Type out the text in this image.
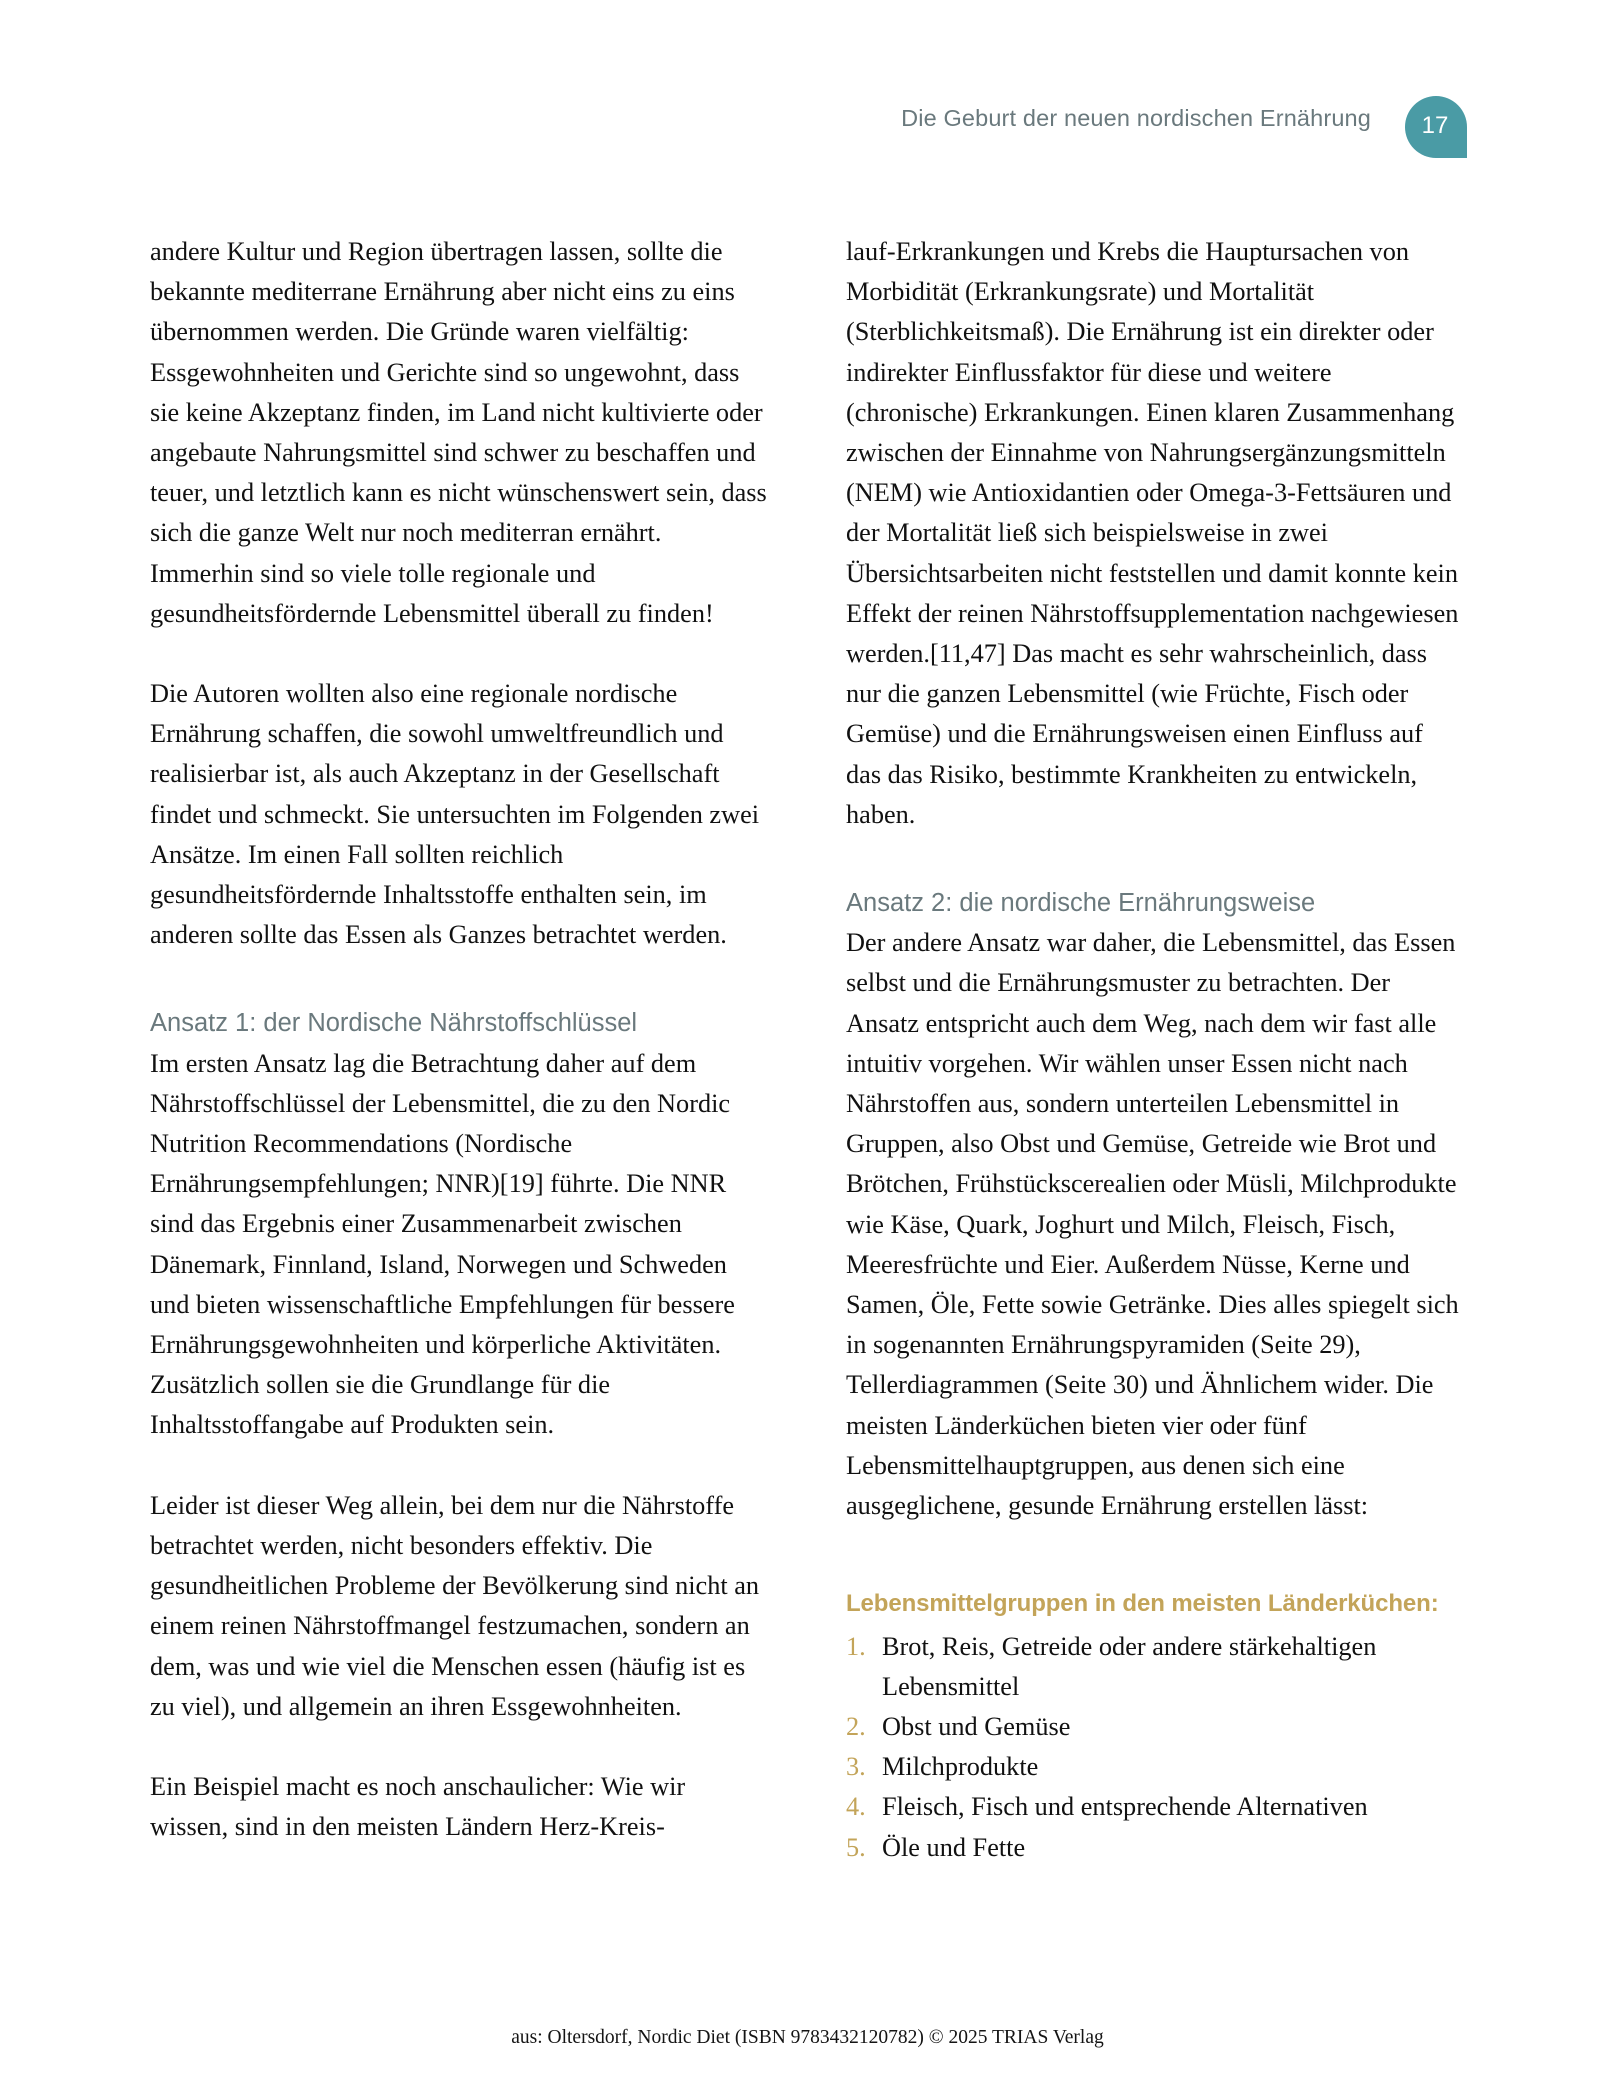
Die Geburt der neuen nordischen Ernährung 17

andere Kultur und Region übertragen lassen, sollte die bekannte mediterrane Ernährung aber nicht eins zu eins übernommen werden. Die Gründe waren vielfältig: Essgewohnheiten und Gerichte sind so ungewohnt, dass sie keine Akzeptanz finden, im Land nicht kultivierte oder angebaute Nahrungsmittel sind schwer zu beschaffen und teuer, und letztlich kann es nicht wünschenswert sein, dass sich die ganze Welt nur noch mediterran ernährt. Immerhin sind so viele tolle regionale und gesundheitsfördernde Lebensmittel überall zu finden!

Die Autoren wollten also eine regionale nordische Ernährung schaffen, die sowohl umweltfreundlich und realisierbar ist, als auch Akzeptanz in der Gesellschaft findet und schmeckt. Sie untersuchten im Folgenden zwei Ansätze. Im einen Fall sollten reichlich gesundheitsfördernde Inhaltsstoffe enthalten sein, im anderen sollte das Essen als Ganzes betrachtet werden.

Ansatz 1: der Nordische Nährstoffschlüssel

Im ersten Ansatz lag die Betrachtung daher auf dem Nährstoffschlüssel der Lebensmittel, die zu den Nordic Nutrition Recommendations (Nordische Ernährungsempfehlungen; NNR)[19] führte. Die NNR sind das Ergebnis einer Zusammenarbeit zwischen Dänemark, Finnland, Island, Norwegen und Schweden und bieten wissenschaftliche Empfehlungen für bessere Ernährungsgewohnheiten und körperliche Aktivitäten. Zusätzlich sollen sie die Grundlange für die Inhaltsstoffangabe auf Produkten sein.

Leider ist dieser Weg allein, bei dem nur die Nährstoffe betrachtet werden, nicht besonders effektiv. Die gesundheitlichen Probleme der Bevölkerung sind nicht an einem reinen Nährstoffmangel festzumachen, sondern an dem, was und wie viel die Menschen essen (häufig ist es zu viel), und allgemein an ihren Essgewohnheiten.

Ein Beispiel macht es noch anschaulicher: Wie wir wissen, sind in den meisten Ländern Herz-Kreis-

lauf-Erkrankungen und Krebs die Hauptursachen von Morbidität (Erkrankungsrate) und Mortalität (Sterblichkeitsmaß). Die Ernährung ist ein direkter oder indirekter Einflussfaktor für diese und weitere (chronische) Erkrankungen. Einen klaren Zusammenhang zwischen der Einnahme von Nahrungsergänzungsmitteln (NEM) wie Antioxidantien oder Omega-3-Fettsäuren und der Mortalität ließ sich beispielsweise in zwei Übersichtsarbeiten nicht feststellen und damit konnte kein Effekt der reinen Nährstoffsupplementation nachgewiesen werden.[11,47] Das macht es sehr wahrscheinlich, dass nur die ganzen Lebensmittel (wie Früchte, Fisch oder Gemüse) und die Ernährungsweisen einen Einfluss auf das das Risiko, bestimmte Krankheiten zu entwickeln, haben.

Ansatz 2: die nordische Ernährungsweise

Der andere Ansatz war daher, die Lebensmittel, das Essen selbst und die Ernährungsmuster zu betrachten. Der Ansatz entspricht auch dem Weg, nach dem wir fast alle intuitiv vorgehen. Wir wählen unser Essen nicht nach Nährstoffen aus, sondern unterteilen Lebensmittel in Gruppen, also Obst und Gemüse, Getreide wie Brot und Brötchen, Frühstückscerealien oder Müsli, Milchprodukte wie Käse, Quark, Joghurt und Milch, Fleisch, Fisch, Meeresfrüchte und Eier. Außerdem Nüsse, Kerne und Samen, Öle, Fette sowie Getränke. Dies alles spiegelt sich in sogenannten Ernährungspyramiden (Seite 29), Tellerdiagrammen (Seite 30) und Ähnlichem wider. Die meisten Länderküchen bieten vier oder fünf Lebensmittelhauptgruppen, aus denen sich eine ausgeglichene, gesunde Ernährung erstellen lässt:

Lebensmittelgruppen in den meisten Länderküchen:
1. Brot, Reis, Getreide oder andere stärkehaltigen Lebensmittel
2. Obst und Gemüse
3. Milchprodukte
4. Fleisch, Fisch und entsprechende Alternativen
5. Öle und Fette
aus: Oltersdorf, Nordic Diet (ISBN 9783432120782) © 2025 TRIAS Verlag
